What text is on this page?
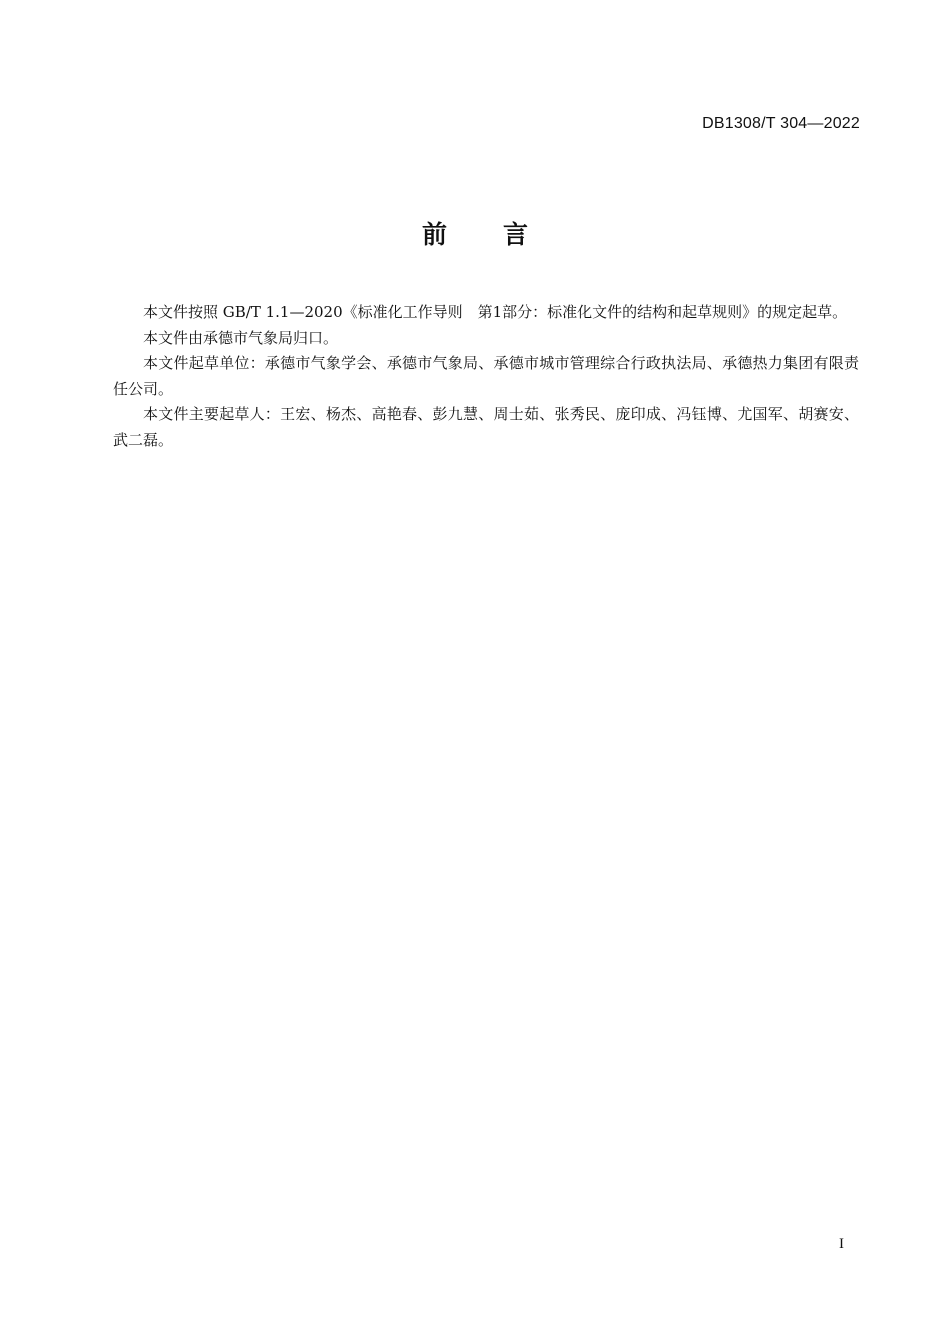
DB1308/T 304—2022
前 言

本文件按照 GB/T 1.1—2020《标准化工作导则　第1部分：标准化文件的结构和起草规则》的规定起草。

本文件由承德市气象局归口。

本文件起草单位：承德市气象学会、承德市气象局、承德市城市管理综合行政执法局、承德热力集团有限责任公司。

本文件主要起草人：王宏、杨杰、高艳春、彭九慧、周士茹、张秀民、庞印成、冯钰博、尤国军、胡赛安、武二磊。

I
